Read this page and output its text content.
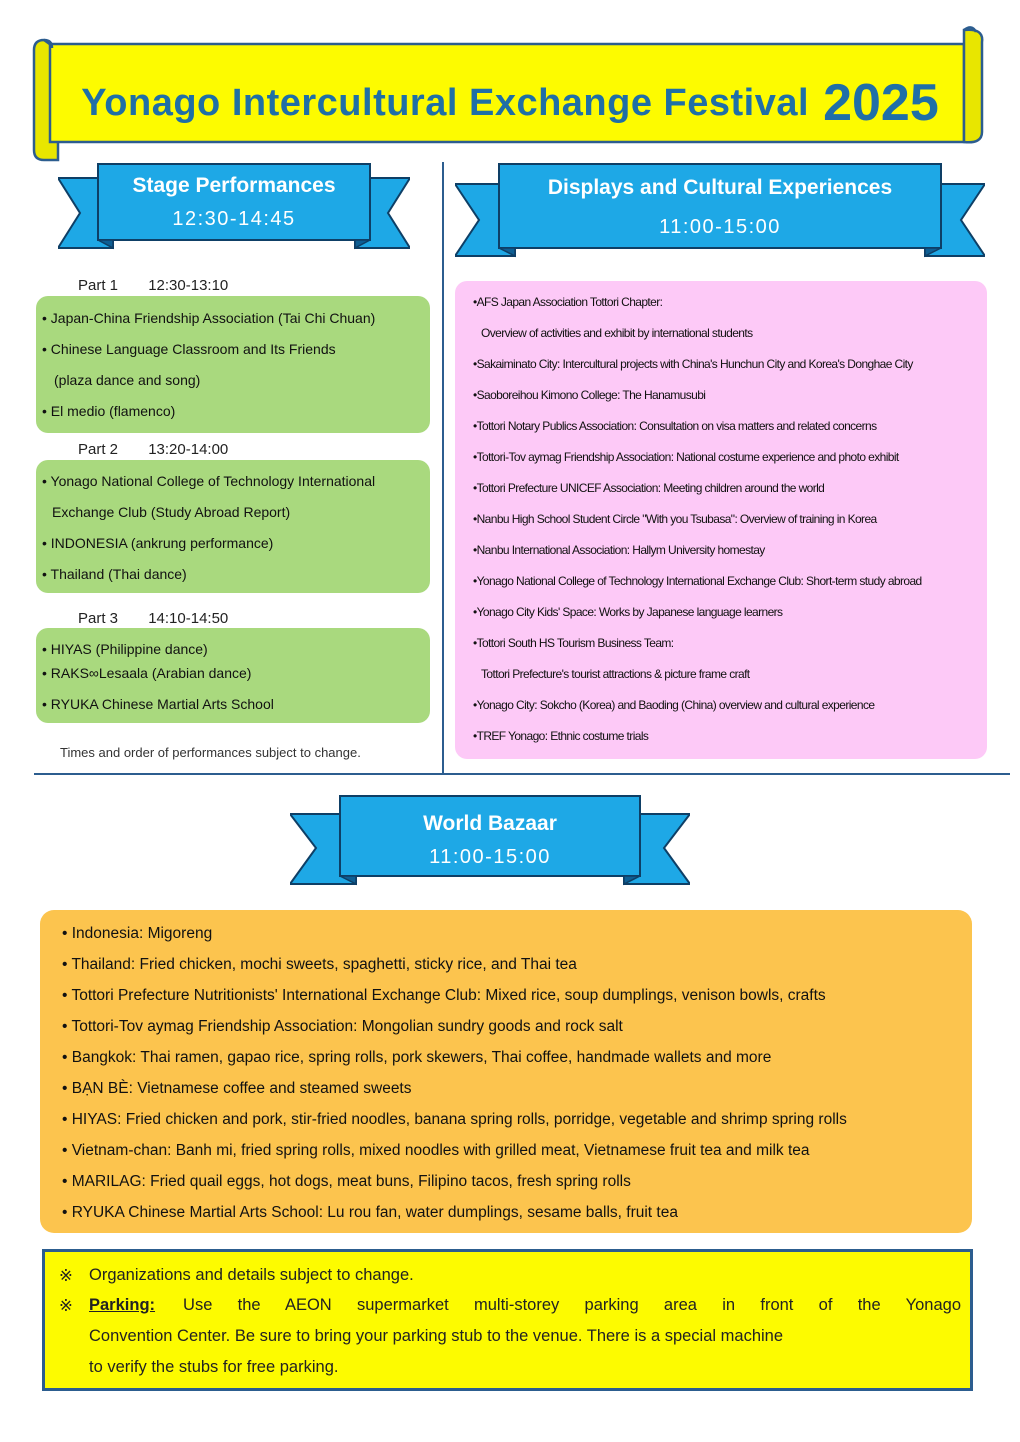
Yonago Intercultural Exchange Festival 2025
Stage Performances
12:30-14:45
Displays and Cultural Experiences
11:00-15:00
Part 1 12:30-13:10
• Japan-China Friendship Association (Tai Chi Chuan)
• Chinese Language Classroom and Its Friends
(plaza dance and song)
• El medio (flamenco)
Part 2 13:20-14:00
• Yonago National College of Technology International
Exchange Club (Study Abroad Report)
• INDONESIA (ankrung performance)
• Thailand (Thai dance)
Part 3 14:10-14:50
• HIYAS (Philippine dance)
• RAKS∞Lesaala (Arabian dance)
• RYUKA Chinese Martial Arts School
Times and order of performances subject to change.
•AFS Japan Association Tottori Chapter:
Overview of activities and exhibit by international students
•Sakaiminato City: Intercultural projects with China's Hunchun City and Korea's Donghae City
•Saoboreihou Kimono College: The Hanamusubi
•Tottori Notary Publics Association: Consultation on visa matters and related concerns
•Tottori-Tov aymag Friendship Association: National costume experience and photo exhibit
•Tottori Prefecture UNICEF Association: Meeting children around the world
•Nanbu High School Student Circle "With you Tsubasa": Overview of training in Korea
•Nanbu International Association: Hallym University homestay
•Yonago National College of Technology International Exchange Club: Short-term study abroad
•Yonago City Kids' Space: Works by Japanese language learners
•Tottori South HS Tourism Business Team:
Tottori Prefecture's tourist attractions & picture frame craft
•Yonago City: Sokcho (Korea) and Baoding (China) overview and cultural experience
•TREF Yonago: Ethnic costume trials
World Bazaar
11:00-15:00
• Indonesia: Migoreng
• Thailand: Fried chicken, mochi sweets, spaghetti, sticky rice, and Thai tea
• Tottori Prefecture Nutritionists' International Exchange Club: Mixed rice, soup dumplings, venison bowls, crafts
• Tottori-Tov aymag Friendship Association: Mongolian sundry goods and rock salt
• Bangkok: Thai ramen, gapao rice, spring rolls, pork skewers, Thai coffee, handmade wallets and more
• BẠN BÈ: Vietnamese coffee and steamed sweets
• HIYAS: Fried chicken and pork, stir-fried noodles, banana spring rolls, porridge, vegetable and shrimp spring rolls
• Vietnam-chan: Banh mi, fried spring rolls, mixed noodles with grilled meat, Vietnamese fruit tea and milk tea
• MARILAG: Fried quail eggs, hot dogs, meat buns, Filipino tacos, fresh spring rolls
• RYUKA Chinese Martial Arts School: Lu rou fan, water dumplings, sesame balls, fruit tea
※ Organizations and details subject to change.
※ Parking: Use the AEON supermarket multi-storey parking area in front of the Yonago
Convention Center. Be sure to bring your parking stub to the venue. There is a special machine
to verify the stubs for free parking.
